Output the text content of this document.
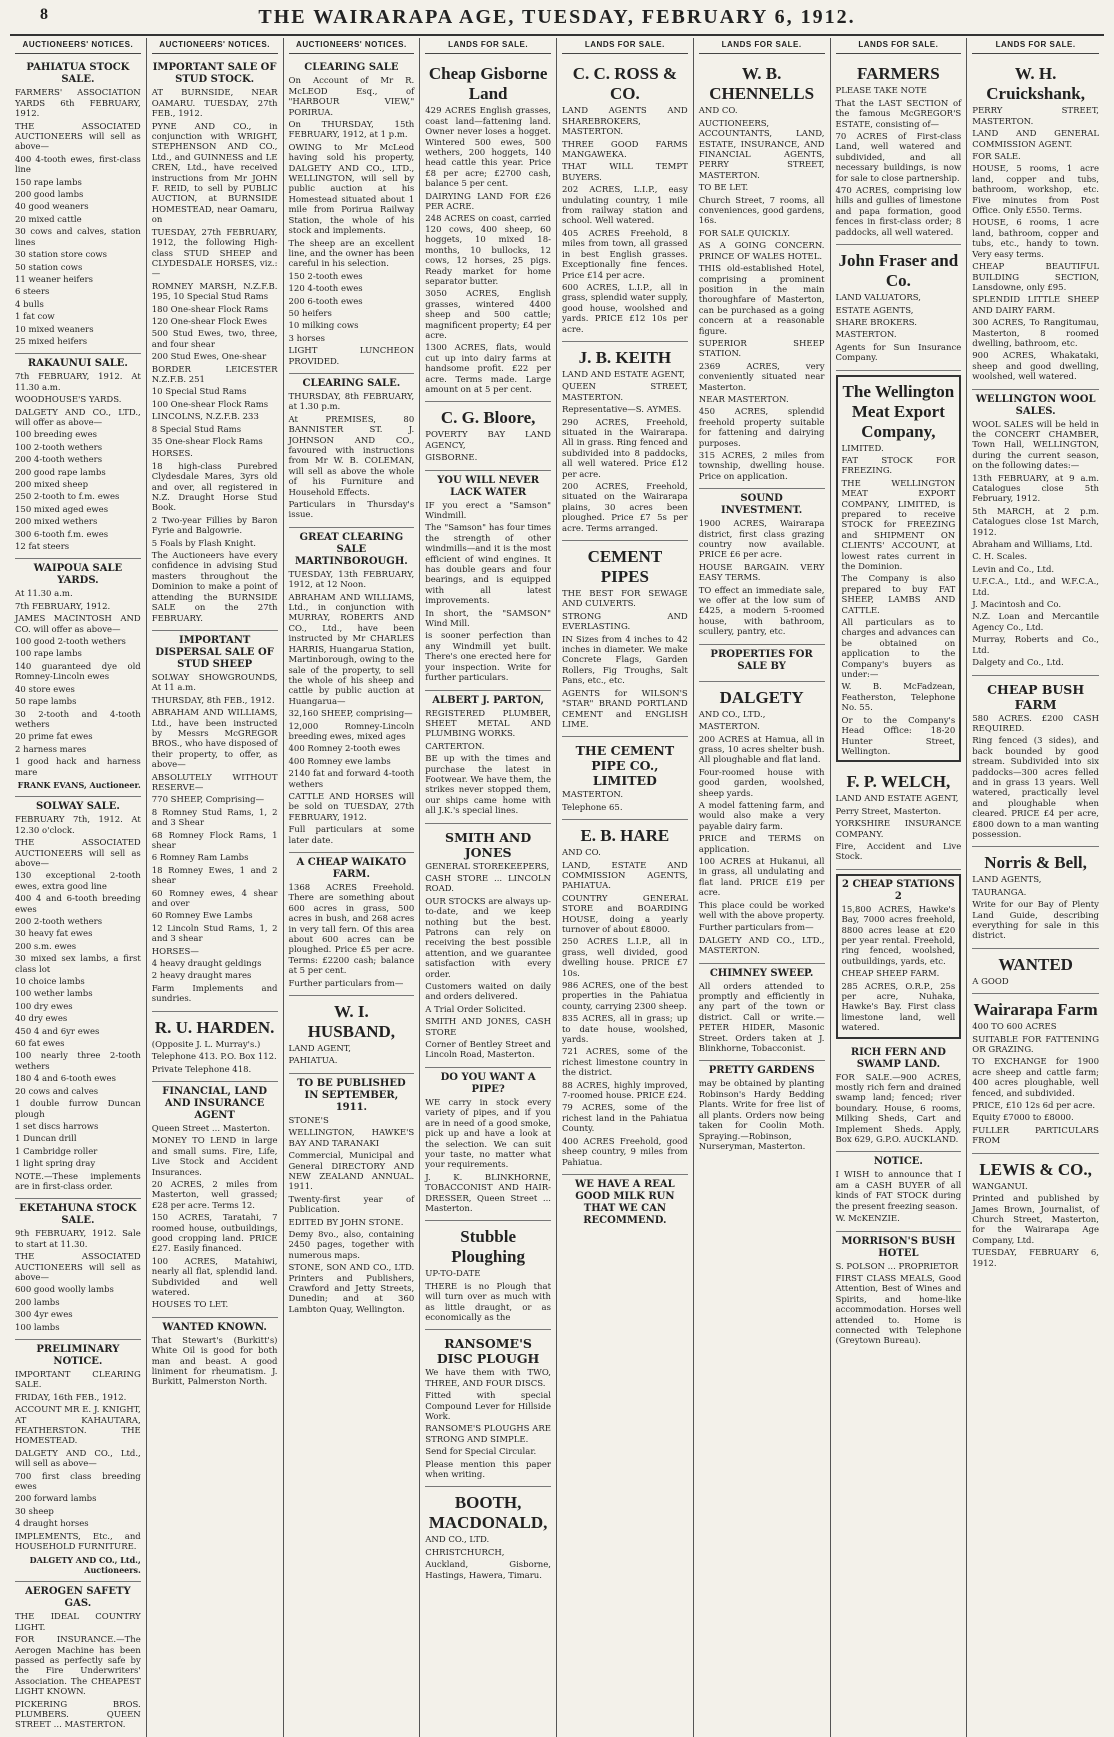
8	THE WAIRARAPA AGE, TUESDAY, FEBRUARY 6, 1912.
AUCTIONEERS' NOTICES.
PAHIATUA STOCK SALE.

FARMERS' ASSOCIATION YARDS 6th FEBRUARY, 1912.

THE ASSOCIATED AUCTIONEERS will sell as above—

400 4-tooth ewes, first-class line

150 rape lambs

200 good lambs

40 good weaners

20 mixed cattle

30 cows and calves, station lines

30 station store cows

50 station cows

11 weaner heifers

6 steers

4 bulls

1 fat cow

10 mixed weaners

25 mixed heifers

RAKAUNUI SALE.

7th FEBRUARY, 1912. At 11.30 a.m.

WOODHOUSE'S YARDS.

DALGETY AND CO., LTD., will offer as above—

100 breeding ewes

100 2-tooth wethers

200 4-tooth wethers

200 good rape lambs

200 mixed sheep

250 2-tooth to f.m. ewes

150 mixed aged ewes

200 mixed wethers

300 6-tooth f.m. ewes

12 fat steers

WAIPOUA SALE YARDS.

At 11.30 a.m.

7th FEBRUARY, 1912.

JAMES MACINTOSH AND CO. will offer as above—

100 good 2-tooth wethers

100 rape lambs

140 guaranteed dye old Romney-Lincoln ewes

40 store ewes

50 rape lambs

30 2-tooth and 4-tooth wethers

20 prime fat ewes

2 harness mares

1 good hack and harness mare

FRANK EVANS, Auctioneer.
SOLWAY SALE.

FEBRUARY 7th, 1912. At 12.30 o'clock.

THE ASSOCIATED AUCTIONEERS will sell as above—

130 exceptional 2-tooth ewes, extra good line

400 4 and 6-tooth breeding ewes

200 2-tooth wethers

30 heavy fat ewes

200 s.m. ewes

30 mixed sex lambs, a first class lot

10 choice lambs

100 wether lambs

100 dry ewes

40 dry ewes

450 4 and 6yr ewes

60 fat ewes

100 nearly three 2-tooth wethers

180 4 and 6-tooth ewes

20 cows and calves

1 double furrow Duncan plough

1 set discs harrows

1 Duncan drill

1 Cambridge roller

1 light spring dray

NOTE.—These implements are in first-class order.

EKETAHUNA STOCK SALE.

9th FEBRUARY, 1912. Sale to start at 11.30.

THE ASSOCIATED AUCTIONEERS will sell as above—

600 good woolly lambs

200 lambs

300 4yr ewes

100 lambs

PRELIMINARY NOTICE.

IMPORTANT CLEARING SALE.

FRIDAY, 16th FEB., 1912.

ACCOUNT MR E. J. KNIGHT, AT KAHAUTARA, FEATHERSTON. THE HOMESTEAD.

DALGETY AND CO., Ltd., will sell as above—

700 first class breeding ewes

200 forward lambs

30 sheep

4 draught horses

IMPLEMENTS, Etc., and HOUSEHOLD FURNITURE.

DALGETY AND CO., Ltd., Auctioneers.
AEROGEN SAFETY GAS.

THE IDEAL COUNTRY LIGHT.

FOR INSURANCE.—The Aerogen Machine has been passed as perfectly safe by the Fire Underwriters' Association. The CHEAPEST LIGHT KNOWN.

PICKERING BROS. PLUMBERS. QUEEN STREET ... MASTERTON.

AUCTIONEERS' NOTICES.
IMPORTANT SALE OF STUD STOCK.

AT BURNSIDE, NEAR OAMARU. TUESDAY, 27th FEB., 1912.

PYNE AND CO., in conjunction with WRIGHT, STEPHENSON AND CO., Ltd., and GUINNESS and LE CREN, Ltd., have received instructions from Mr JOHN F. REID, to sell by PUBLIC AUCTION, at BURNSIDE HOMESTEAD, near Oamaru, on

TUESDAY, 27th FEBRUARY, 1912, the following High-class STUD SHEEP and CLYDESDALE HORSES, viz.:—

ROMNEY MARSH, N.Z.F.B. 195, 10 Special Stud Rams

180 One-shear Flock Rams

120 One-shear Flock Ewes

500 Stud Ewes, two, three, and four shear

200 Stud Ewes, One-shear

BORDER LEICESTER N.Z.F.B. 251

10 Special Stud Rams

100 One-shear Flock Rams

LINCOLNS, N.Z.F.B. 233

8 Special Stud Rams

35 One-shear Flock Rams

HORSES.

18 high-class Purebred Clydesdale Mares, 3yrs old and over, all registered in N.Z. Draught Horse Stud Book.

2 Two-year Fillies by Baron Fyrie and Balgowrie.

5 Foals by Flash Knight.

The Auctioneers have every confidence in advising Stud masters throughout the Dominion to make a point of attending the BURNSIDE SALE on the 27th FEBRUARY.

IMPORTANT DISPERSAL SALE OF STUD SHEEP

SOLWAY SHOWGROUNDS, At 11 a.m.

THURSDAY, 8th FEB., 1912.

ABRAHAM AND WILLIAMS, Ltd., have been instructed by Messrs McGREGOR BROS., who have disposed of their property, to offer, as above—

ABSOLUTELY WITHOUT RESERVE—

770 SHEEP, Comprising—

8 Romney Stud Rams, 1, 2 and 3 Shear

68 Romney Flock Rams, 1 shear

6 Romney Ram Lambs

18 Romney Ewes, 1 and 2 shear

60 Romney ewes, 4 shear and over

60 Romney Ewe Lambs

12 Lincoln Stud Rams, 1, 2 and 3 shear

HORSES—

4 heavy draught geldings

2 heavy draught mares

Farm Implements and sundries.

R. U. HARDEN.

(Opposite J. L. Murray's.)

Telephone 413. P.O. Box 112.

Private Telephone 418.

FINANCIAL, LAND AND INSURANCE AGENT

Queen Street ... Masterton.

MONEY TO LEND in large and small sums. Fire, Life, Live Stock and Accident Insurances.

20 ACRES, 2 miles from Masterton, well grassed; £28 per acre. Terms 12.

150 ACRES, Taratahi, 7 roomed house, outbuildings, good cropping land. PRICE £27. Easily financed.

100 ACRES, Matahiwi, nearly all flat, splendid land. Subdivided and well watered.

HOUSES TO LET.

WANTED KNOWN.

That Stewart's (Burkitt's) White Oil is good for both man and beast. A good liniment for rheumatism. J. Burkitt, Palmerston North.

AUCTIONEERS' NOTICES.
CLEARING SALE

On Account of Mr R. McLEOD Esq., of "HARBOUR VIEW," PORIRUA.

On THURSDAY, 15th FEBRUARY, 1912, at 1 p.m.

OWING to Mr McLeod having sold his property, DALGETY AND CO., LTD., WELLINGTON, will sell by public auction at his Homestead situated about 1 mile from Porirua Railway Station, the whole of his stock and implements.

The sheep are an excellent line, and the owner has been careful in his selection.

150 2-tooth ewes

120 4-tooth ewes

200 6-tooth ewes

50 heifers

10 milking cows

3 horses

LIGHT LUNCHEON PROVIDED.

CLEARING SALE.

THURSDAY, 8th FEBRUARY, at 1.30 p.m.

At PREMISES, 80 BANNISTER ST. J. JOHNSON AND CO., favoured with instructions from Mr W. B. COLEMAN, will sell as above the whole of his Furniture and Household Effects.

Particulars in Thursday's issue.

GREAT CLEARING SALE MARTINBOROUGH.

TUESDAY, 13th FEBRUARY, 1912, at 12 Noon.

ABRAHAM AND WILLIAMS, Ltd., in conjunction with MURRAY, ROBERTS AND CO., Ltd., have been instructed by Mr CHARLES HARRIS, Huangarua Station, Martinborough, owing to the sale of the property, to sell the whole of his sheep and cattle by public auction at Huangarua—

32,160 SHEEP, comprising—

12,000 Romney-Lincoln breeding ewes, mixed ages

400 Romney 2-tooth ewes

400 Romney ewe lambs

2140 fat and forward 4-tooth wethers

CATTLE AND HORSES will be sold on TUESDAY, 27th FEBRUARY, 1912.

Full particulars at some later date.

A CHEAP WAIKATO FARM.

1368 ACRES Freehold. There are something about 600 acres in grass, 500 acres in bush, and 268 acres in very tall fern. Of this area about 600 acres can be ploughed. Price £5 per acre. Terms: £2200 cash; balance at 5 per cent.

Further particulars from—

W. I. HUSBAND,

LAND AGENT,

PAHIATUA.

TO BE PUBLISHED IN SEPTEMBER, 1911.

STONE'S

WELLINGTON, HAWKE'S BAY AND TARANAKI

Commercial, Municipal and General DIRECTORY AND NEW ZEALAND ANNUAL. 1911.

Twenty-first year of Publication.

EDITED BY JOHN STONE.

Demy 8vo., also, containing 2450 pages, together with numerous maps.

STONE, SON AND CO., LTD. Printers and Publishers, Crawford and Jetty Streets, Dunedin; and at 360 Lambton Quay, Wellington.

LANDS FOR SALE.
Cheap Gisborne Land

429 ACRES English grasses, coast land—fattening land. Owner never loses a hogget. Wintered 500 ewes, 500 wethers, 200 hoggets, 140 head cattle this year. Price £8 per acre; £2700 cash, balance 5 per cent.

DAIRYING LAND FOR £26 PER ACRE.

248 ACRES on coast, carried 120 cows, 400 sheep, 60 hoggets, 10 mixed 18-months, 10 bullocks, 12 cows, 12 horses, 25 pigs. Ready market for home separator butter.

3050 ACRES, English grasses, wintered 4400 sheep and 500 cattle; magnificent property; £4 per acre.

1300 ACRES, flats, would cut up into dairy farms at handsome profit. £22 per acre. Terms made. Large amount on at 5 per cent.

C. G. Bloore,

POVERTY BAY LAND AGENCY,

GISBORNE.

YOU WILL NEVER LACK WATER

IF you erect a "Samson" Windmill.

The "Samson" has four times the strength of other windmills—and it is the most efficient of wind engines. It has double gears and four bearings, and is equipped with all latest improvements.

In short, the "SAMSON" Wind Mill.

is sooner perfection than any Windmill yet built. There's one erected here for your inspection. Write for further particulars.

ALBERT J. PARTON,

REGISTERED PLUMBER, SHEET METAL AND PLUMBING WORKS.

CARTERTON.

BE up with the times and purchase the latest in Footwear. We have them, the strikes never stopped them, our ships came home with all J.K.'s special lines.

SMITH AND JONES

GENERAL STOREKEEPERS,

CASH STORE ... LINCOLN ROAD.

OUR STOCKS are always up-to-date, and we keep nothing but the best. Patrons can rely on receiving the best possible attention, and we guarantee satisfaction with every order.

Customers waited on daily and orders delivered.

A Trial Order Solicited.

SMITH AND JONES, CASH STORE

Corner of Bentley Street and Lincoln Road, Masterton.

DO YOU WANT A PIPE?

WE carry in stock every variety of pipes, and if you are in need of a good smoke, pick up and have a look at the selection. We can suit your taste, no matter what your requirements.

J. K. BLINKHORNE, TOBACCONIST AND HAIR-DRESSER, Queen Street ... Masterton.

Stubble Ploughing

UP-TO-DATE

THERE is no Plough that will turn over as much with as little draught, or as economically as the

RANSOME'S DISC PLOUGH

We have them with TWO, THREE, AND FOUR DISCS.

Fitted with special Compound Lever for Hillside Work.

RANSOME'S PLOUGHS ARE STRONG AND SIMPLE.

Send for Special Circular.

Please mention this paper when writing.

BOOTH, MACDONALD,

AND CO., LTD.

CHRISTCHURCH,

Auckland, Gisborne, Hastings, Hawera, Timaru.

LANDS FOR SALE.
C. C. ROSS & CO.

LAND AGENTS AND SHAREBROKERS, MASTERTON.

THREE GOOD FARMS MANGAWEKA.

THAT WILL TEMPT BUYERS.

202 ACRES, L.I.P., easy undulating country, 1 mile from railway station and school. Well watered.

405 ACRES Freehold, 8 miles from town, all grassed in best English grasses. Exceptionally fine fences. Price £14 per acre.

600 ACRES, L.I.P., all in grass, splendid water supply, good house, woolshed and yards. PRICE £12 10s per acre.

J. B. KEITH

LAND AND ESTATE AGENT,

QUEEN STREET, MASTERTON.

Representative—S. AYMES.

290 ACRES, Freehold, situated in the Wairarapa. All in grass. Ring fenced and subdivided into 8 paddocks, all well watered. Price £12 per acre.

200 ACRES, Freehold, situated on the Wairarapa plains, 30 acres been ploughed. Price £7 5s per acre. Terms arranged.

CEMENT PIPES

THE BEST FOR SEWAGE AND CULVERTS.

STRONG AND EVERLASTING.

IN Sizes from 4 inches to 42 inches in diameter. We make Concrete Flags, Garden Rollers, Fig Troughs, Salt Pans, etc., etc.

AGENTS for WILSON'S "STAR" BRAND PORTLAND CEMENT and ENGLISH LIME.

THE CEMENT PIPE CO., LIMITED

MASTERTON.

Telephone 65.

E. B. HARE

AND CO.

LAND, ESTATE AND COMMISSION AGENTS, PAHIATUA.

COUNTRY GENERAL STORE and BOARDING HOUSE, doing a yearly turnover of about £8000.

250 ACRES L.I.P., all in grass, well divided, good dwelling house. PRICE £7 10s.

986 ACRES, one of the best properties in the Pahiatua county, carrying 2300 sheep.

835 ACRES, all in grass; up to date house, woolshed, yards.

721 ACRES, some of the richest limestone country in the district.

88 ACRES, highly improved, 7-roomed house. PRICE £24.

79 ACRES, some of the richest land in the Pahiatua County.

400 ACRES Freehold, good sheep country, 9 miles from Pahiatua.

WE HAVE A REAL GOOD MILK RUN THAT WE CAN RECOMMEND.
LANDS FOR SALE.
W. B. CHENNELLS

AND CO.

AUCTIONEERS, ACCOUNTANTS, LAND, ESTATE, INSURANCE, AND FINANCIAL AGENTS, PERRY STREET, MASTERTON.

TO BE LET.

Church Street, 7 rooms, all conveniences, good gardens, 16s.

FOR SALE QUICKLY.

AS A GOING CONCERN. PRINCE OF WALES HOTEL.

THIS old-established Hotel, comprising a prominent position in the main thoroughfare of Masterton, can be purchased as a going concern at a reasonable figure.

SUPERIOR SHEEP STATION.

2369 ACRES, very conveniently situated near Masterton.

NEAR MASTERTON.

450 ACRES, splendid freehold property suitable for fattening and dairying purposes.

315 ACRES, 2 miles from township, dwelling house. Price on application.

SOUND INVESTMENT.

1900 ACRES, Wairarapa district, first class grazing country now available. PRICE £6 per acre.

HOUSE BARGAIN. VERY EASY TERMS.

TO effect an immediate sale, we offer at the low sum of £425, a modern 5-roomed house, with bathroom, scullery, pantry, etc.

PROPERTIES FOR SALE BY
DALGETY

AND CO., LTD.,

MASTERTON.

200 ACRES at Hamua, all in grass, 10 acres shelter bush. All ploughable and flat land.

Four-roomed house with good garden, woolshed, sheep yards.

A model fattening farm, and would also make a very payable dairy farm.

PRICE and TERMS on application.

100 ACRES at Hukanui, all in grass, all undulating and flat land. PRICE £19 per acre.

This place could be worked well with the above property.

Further particulars from—

DALGETY AND CO., LTD., MASTERTON.

CHIMNEY SWEEP.

All orders attended to promptly and efficiently in any part of the town or district. Call or write.—PETER HIDER, Masonic Street. Orders taken at J. Blinkhorne, Tobacconist.

PRETTY GARDENS

may be obtained by planting Robinson's Hardy Bedding Plants. Write for free list of all plants. Orders now being taken for Coolin Moth. Spraying.—Robinson, Nurseryman, Masterton.

LANDS FOR SALE.
FARMERS

PLEASE TAKE NOTE

That the LAST SECTION of the famous McGREGOR'S ESTATE, consisting of—

70 ACRES of First-class Land, well watered and subdivided, and all necessary buildings, is now for sale to close partnership.

470 ACRES, comprising low hills and gullies of limestone and papa formation, good fences in first-class order; 8 paddocks, all well watered.

John Fraser and Co.

LAND VALUATORS,

ESTATE AGENTS,

SHARE BROKERS.

MASTERTON.

Agents for Sun Insurance Company.

The Wellington Meat Export Company,

LIMITED.

FAT STOCK FOR FREEZING.

THE WELLINGTON MEAT EXPORT COMPANY, LIMITED, is prepared to receive STOCK for FREEZING and SHIPMENT ON CLIENTS' ACCOUNT, at lowest rates current in the Dominion.

The Company is also prepared to buy FAT SHEEP, LAMBS AND CATTLE.

All particulars as to charges and advances can be obtained on application to the Company's buyers as under:—

W. B. McFadzean, Featherston, Telephone No. 55.

Or to the Company's Head Office: 18-20 Hunter Street, Wellington.

F. P. WELCH,

LAND AND ESTATE AGENT,

Perry Street, Masterton.

YORKSHIRE INSURANCE COMPANY.

Fire, Accident and Live Stock.

2 CHEAP STATIONS 2

15,800 ACRES, Hawke's Bay, 7000 acres freehold, 8800 acres lease at £20 per year rental. Freehold, ring fenced, woolshed, outbuildings, yards, etc.

CHEAP SHEEP FARM.

285 ACRES, O.R.P., 25s per acre, Nuhaka, Hawke's Bay. First class limestone land, well watered.

RICH FERN AND SWAMP LAND.

FOR SALE.—900 ACRES, mostly rich fern and drained swamp land; fenced; river boundary. House, 6 rooms, Milking Sheds, Cart and Implement Sheds. Apply, Box 629, G.P.O. AUCKLAND.

NOTICE.

I WISH to announce that I am a CASH BUYER of all kinds of FAT STOCK during the present freezing season.

W. McKENZIE.

MORRISON'S BUSH HOTEL

S. POLSON ... PROPRIETOR

FIRST CLASS MEALS, Good Attention, Best of Wines and Spirits, and home-like accommodation. Horses well attended to. Home is connected with Telephone (Greytown Bureau).

LANDS FOR SALE.
W. H. Cruickshank,

PERRY STREET, MASTERTON.

LAND AND GENERAL COMMISSION AGENT.

FOR SALE.

HOUSE, 5 rooms, 1 acre land, copper and tubs, bathroom, workshop, etc. Five minutes from Post Office. Only £550. Terms.

HOUSE, 6 rooms, 1 acre land, bathroom, copper and tubs, etc., handy to town. Very easy terms.

CHEAP BEAUTIFUL BUILDING SECTION, Lansdowne, only £95.

SPLENDID LITTLE SHEEP AND DAIRY FARM.

300 ACRES, To Rangitumau, Masterton, 8 roomed dwelling, bathroom, etc.

900 ACRES, Whakataki, sheep and good dwelling, woolshed, well watered.

WELLINGTON WOOL SALES.

WOOL SALES will be held in the CONCERT CHAMBER, Town Hall, WELLINGTON, during the current season, on the following dates:—

13th FEBRUARY, at 9 a.m. Catalogues close 5th February, 1912.

5th MARCH, at 2 p.m. Catalogues close 1st March, 1912.

Abraham and Williams, Ltd.

C. H. Scales.

Levin and Co., Ltd.

U.F.C.A., Ltd., and W.F.C.A., Ltd.

J. Macintosh and Co.

N.Z. Loan and Mercantile Agency Co., Ltd.

Murray, Roberts and Co., Ltd.

Dalgety and Co., Ltd.

CHEAP BUSH FARM

580 ACRES. £200 CASH REQUIRED.

Ring fenced (3 sides), and back bounded by good stream. Subdivided into six paddocks—300 acres felled and in grass 13 years. Well watered, practically level and ploughable when cleared. PRICE £4 per acre, £800 down to a man wanting possession.

Norris & Bell,

LAND AGENTS,

TAURANGA.

Write for our Bay of Plenty Land Guide, describing everything for sale in this district.

WANTED

A GOOD

Wairarapa Farm

400 TO 600 ACRES

SUITABLE FOR FATTENING OR GRAZING.

TO EXCHANGE for 1900 acre sheep and cattle farm; 400 acres ploughable, well fenced, and subdivided.

PRICE, £10 12s 6d per acre.

Equity £7000 to £8000.

FULLER PARTICULARS FROM

LEWIS & CO.,

WANGANUI.

Printed and published by James Brown, Journalist, of Church Street, Masterton, for the Wairarapa Age Company, Ltd.

TUESDAY, FEBRUARY 6, 1912.
